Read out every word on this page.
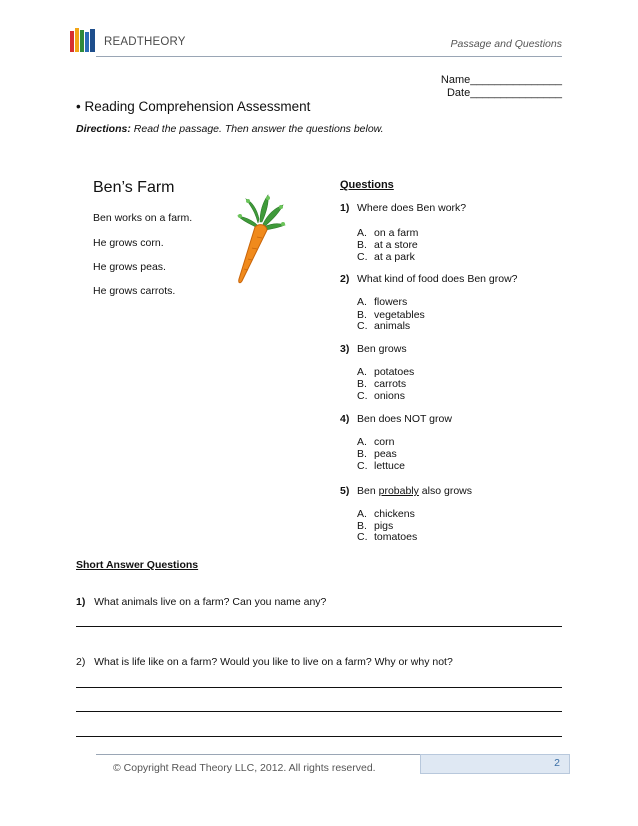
READTHEORY	Passage and Questions
Name_______________
Date_______________
• Reading Comprehension Assessment
Directions: Read the passage. Then answer the questions below.
Ben’s Farm
Ben works on a farm.
He grows corn.
He grows peas.
He grows carrots.
Questions
1) Where does Ben work?
A. on a farm
B. at a store
C. at a park
2) What kind of food does Ben grow?
A. flowers
B. vegetables
C. animals
3) Ben grows
A. potatoes
B. carrots
C. onions
4) Ben does NOT grow
A. corn
B. peas
C. lettuce
5) Ben probably also grows
A. chickens
B. pigs
C. tomatoes
Short Answer Questions
1) What animals live on a farm? Can you name any?
2) What is life like on a farm? Would you like to live on a farm? Why or why not?
2
© Copyright Read Theory LLC, 2012. All rights reserved.
